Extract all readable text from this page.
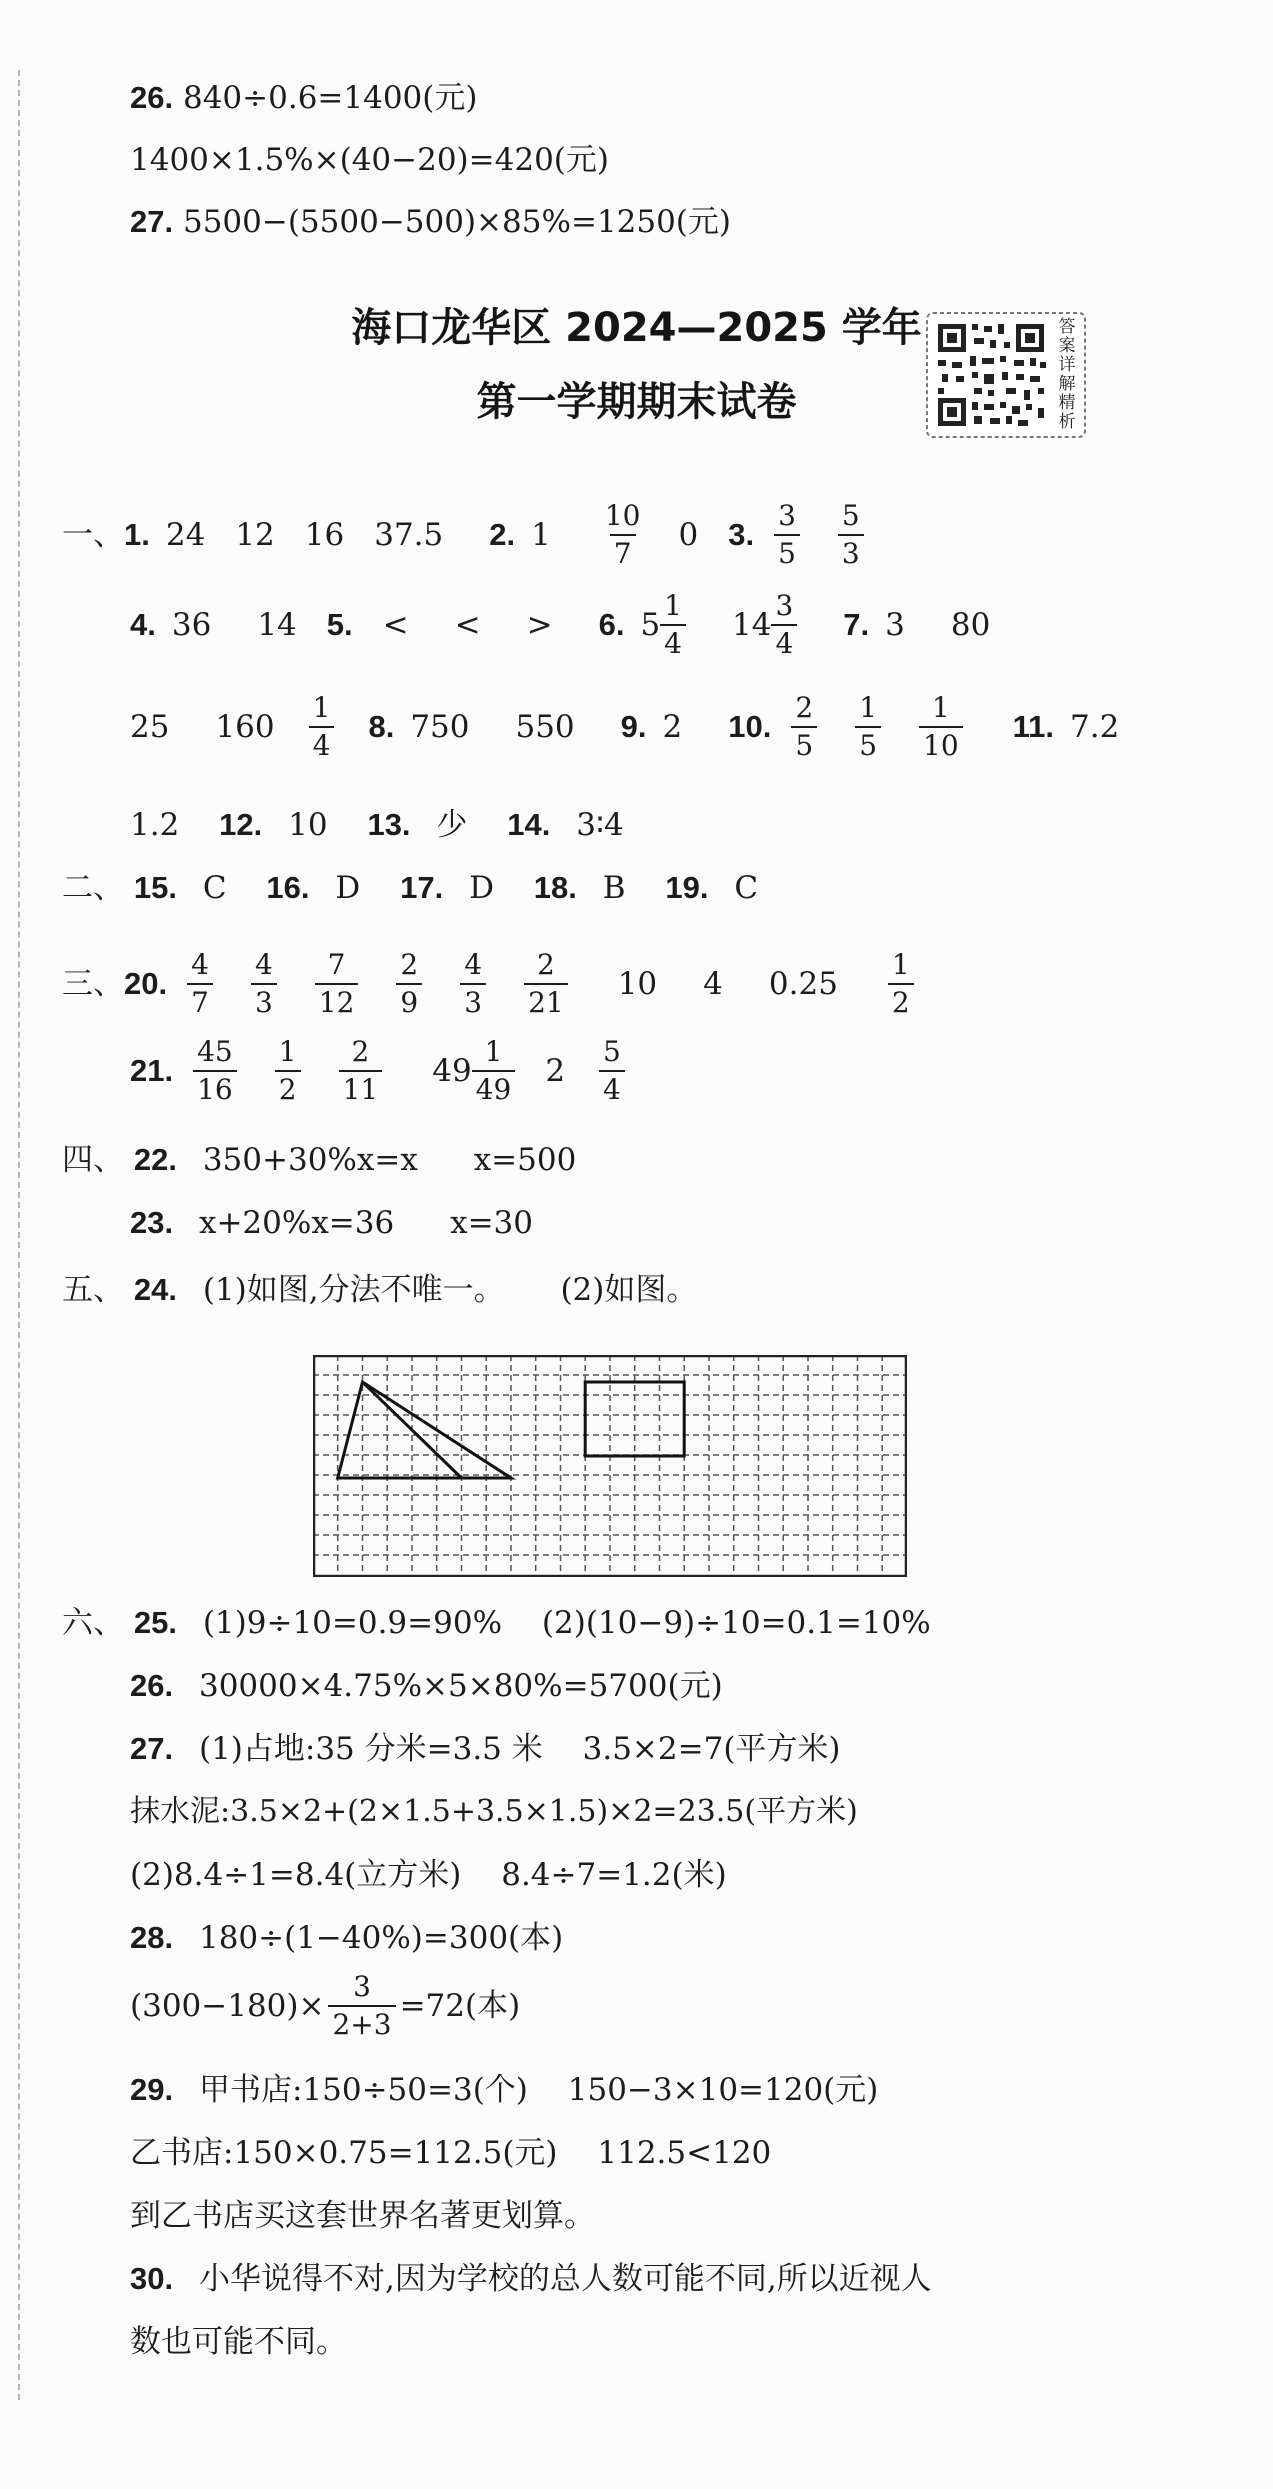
26. 840÷0.6=1400(元)
1400×1.5%×(40−20)=420(元)
27. 5500−(5500−500)×85%=1250(元)
海口龙华区 2024—2025 学年
第一学期期末试卷
答
案
详
解
精
析
一、 1. 24 12 16 37.5 2. $1 \frac{10}{7} 0$ 3. $\frac{3}{5} \frac{5}{3}$
4. 36 14 5. < < > 6. $5 \frac{1}{4} 14 \frac{3}{4} 7$. 3 80
25 $160 \frac{1}{4} 8$. 750 550 9. 2 10. $\frac{2}{5} \frac{1}{5} \frac{1}{10} 11$. 7.2
1.2 12. 10 13. 少 14. 3∶4
二、 15. C 16. D 17. D 18. B 19. C
三、 20. $\frac{4}{7} \frac{4}{3} \frac{7}{12} \frac{2}{9} \frac{4}{3} \frac{2}{21} 10$ 4 $0.25 \frac{1}{2}$
21. $\frac{45}{16} \frac{1}{2} \frac{2}{11} 49 \frac{1}{49} 2 \frac{5}{4}$
四、 22. 350+30%x=x x=500
23. x+20%x=36 x=30
五、 24. (1)如图,分法不唯一。 (2)如图。
六、 25. (1)9÷10=0.9=90% (2)(10−9)÷10=0.1=10%
26. 30000×4.75%×5×80%=5700(元)
27. (1)占地:35 分米=3.5 米 3.5×2=7(平方米)
抹水泥:3.5×2+(2×1.5+3.5×1.5)×2=23.5(平方米)
(2)8.4÷1=8.4(立方米) 8.4÷7=1.2(米)
28. 180÷(1−40%)=300(本)
$(300-180)\times \frac{3}{2+3} =72$(本)
29. 甲书店:150÷50=3(个) 150−3×10=120(元)
乙书店:150×0.75=112.5(元) 112.5<120
到乙书店买这套世界名著更划算。
30. 小华说得不对,因为学校的总人数可能不同,所以近视人
数也可能不同。
